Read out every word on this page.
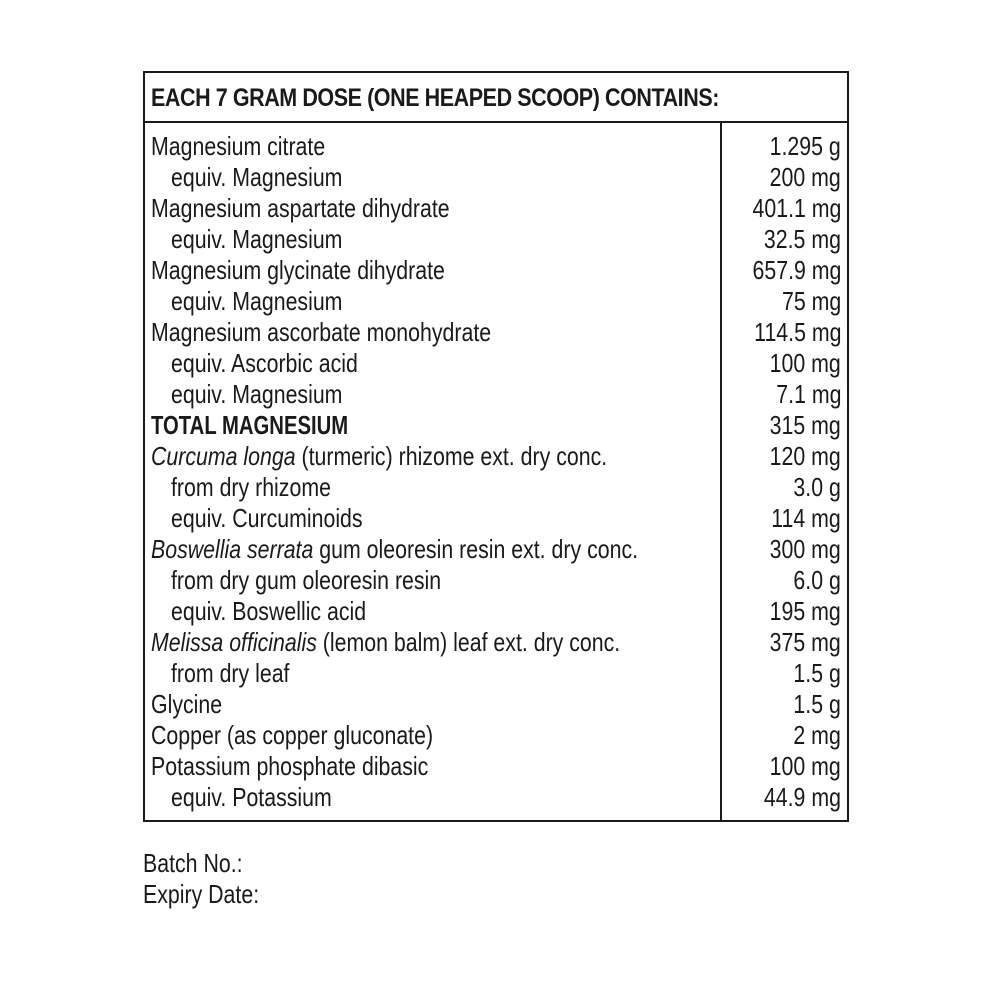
EACH 7 GRAM DOSE (ONE HEAPED SCOOP) CONTAINS:
Magnesium citrate	1.295 g
equiv. Magnesium	200 mg
Magnesium aspartate dihydrate	401.1 mg
equiv. Magnesium	32.5 mg
Magnesium glycinate dihydrate	657.9 mg
equiv. Magnesium	75 mg
Magnesium ascorbate monohydrate	114.5 mg
equiv. Ascorbic acid	100 mg
equiv. Magnesium	7.1 mg
TOTAL MAGNESIUM	315 mg
Curcuma longa (turmeric) rhizome ext. dry conc.	120 mg
from dry rhizome	3.0 g
equiv. Curcuminoids	114 mg
Boswellia serrata gum oleoresin resin ext. dry conc.	300 mg
from dry gum oleoresin resin	6.0 g
equiv. Boswellic acid	195 mg
Melissa officinalis (lemon balm) leaf ext. dry conc.	375 mg
from dry leaf	1.5 g
Glycine	1.5 g
Copper (as copper gluconate)	2 mg
Potassium phosphate dibasic	100 mg
equiv. Potassium	44.9 mg
Batch No.:
Expiry Date:
